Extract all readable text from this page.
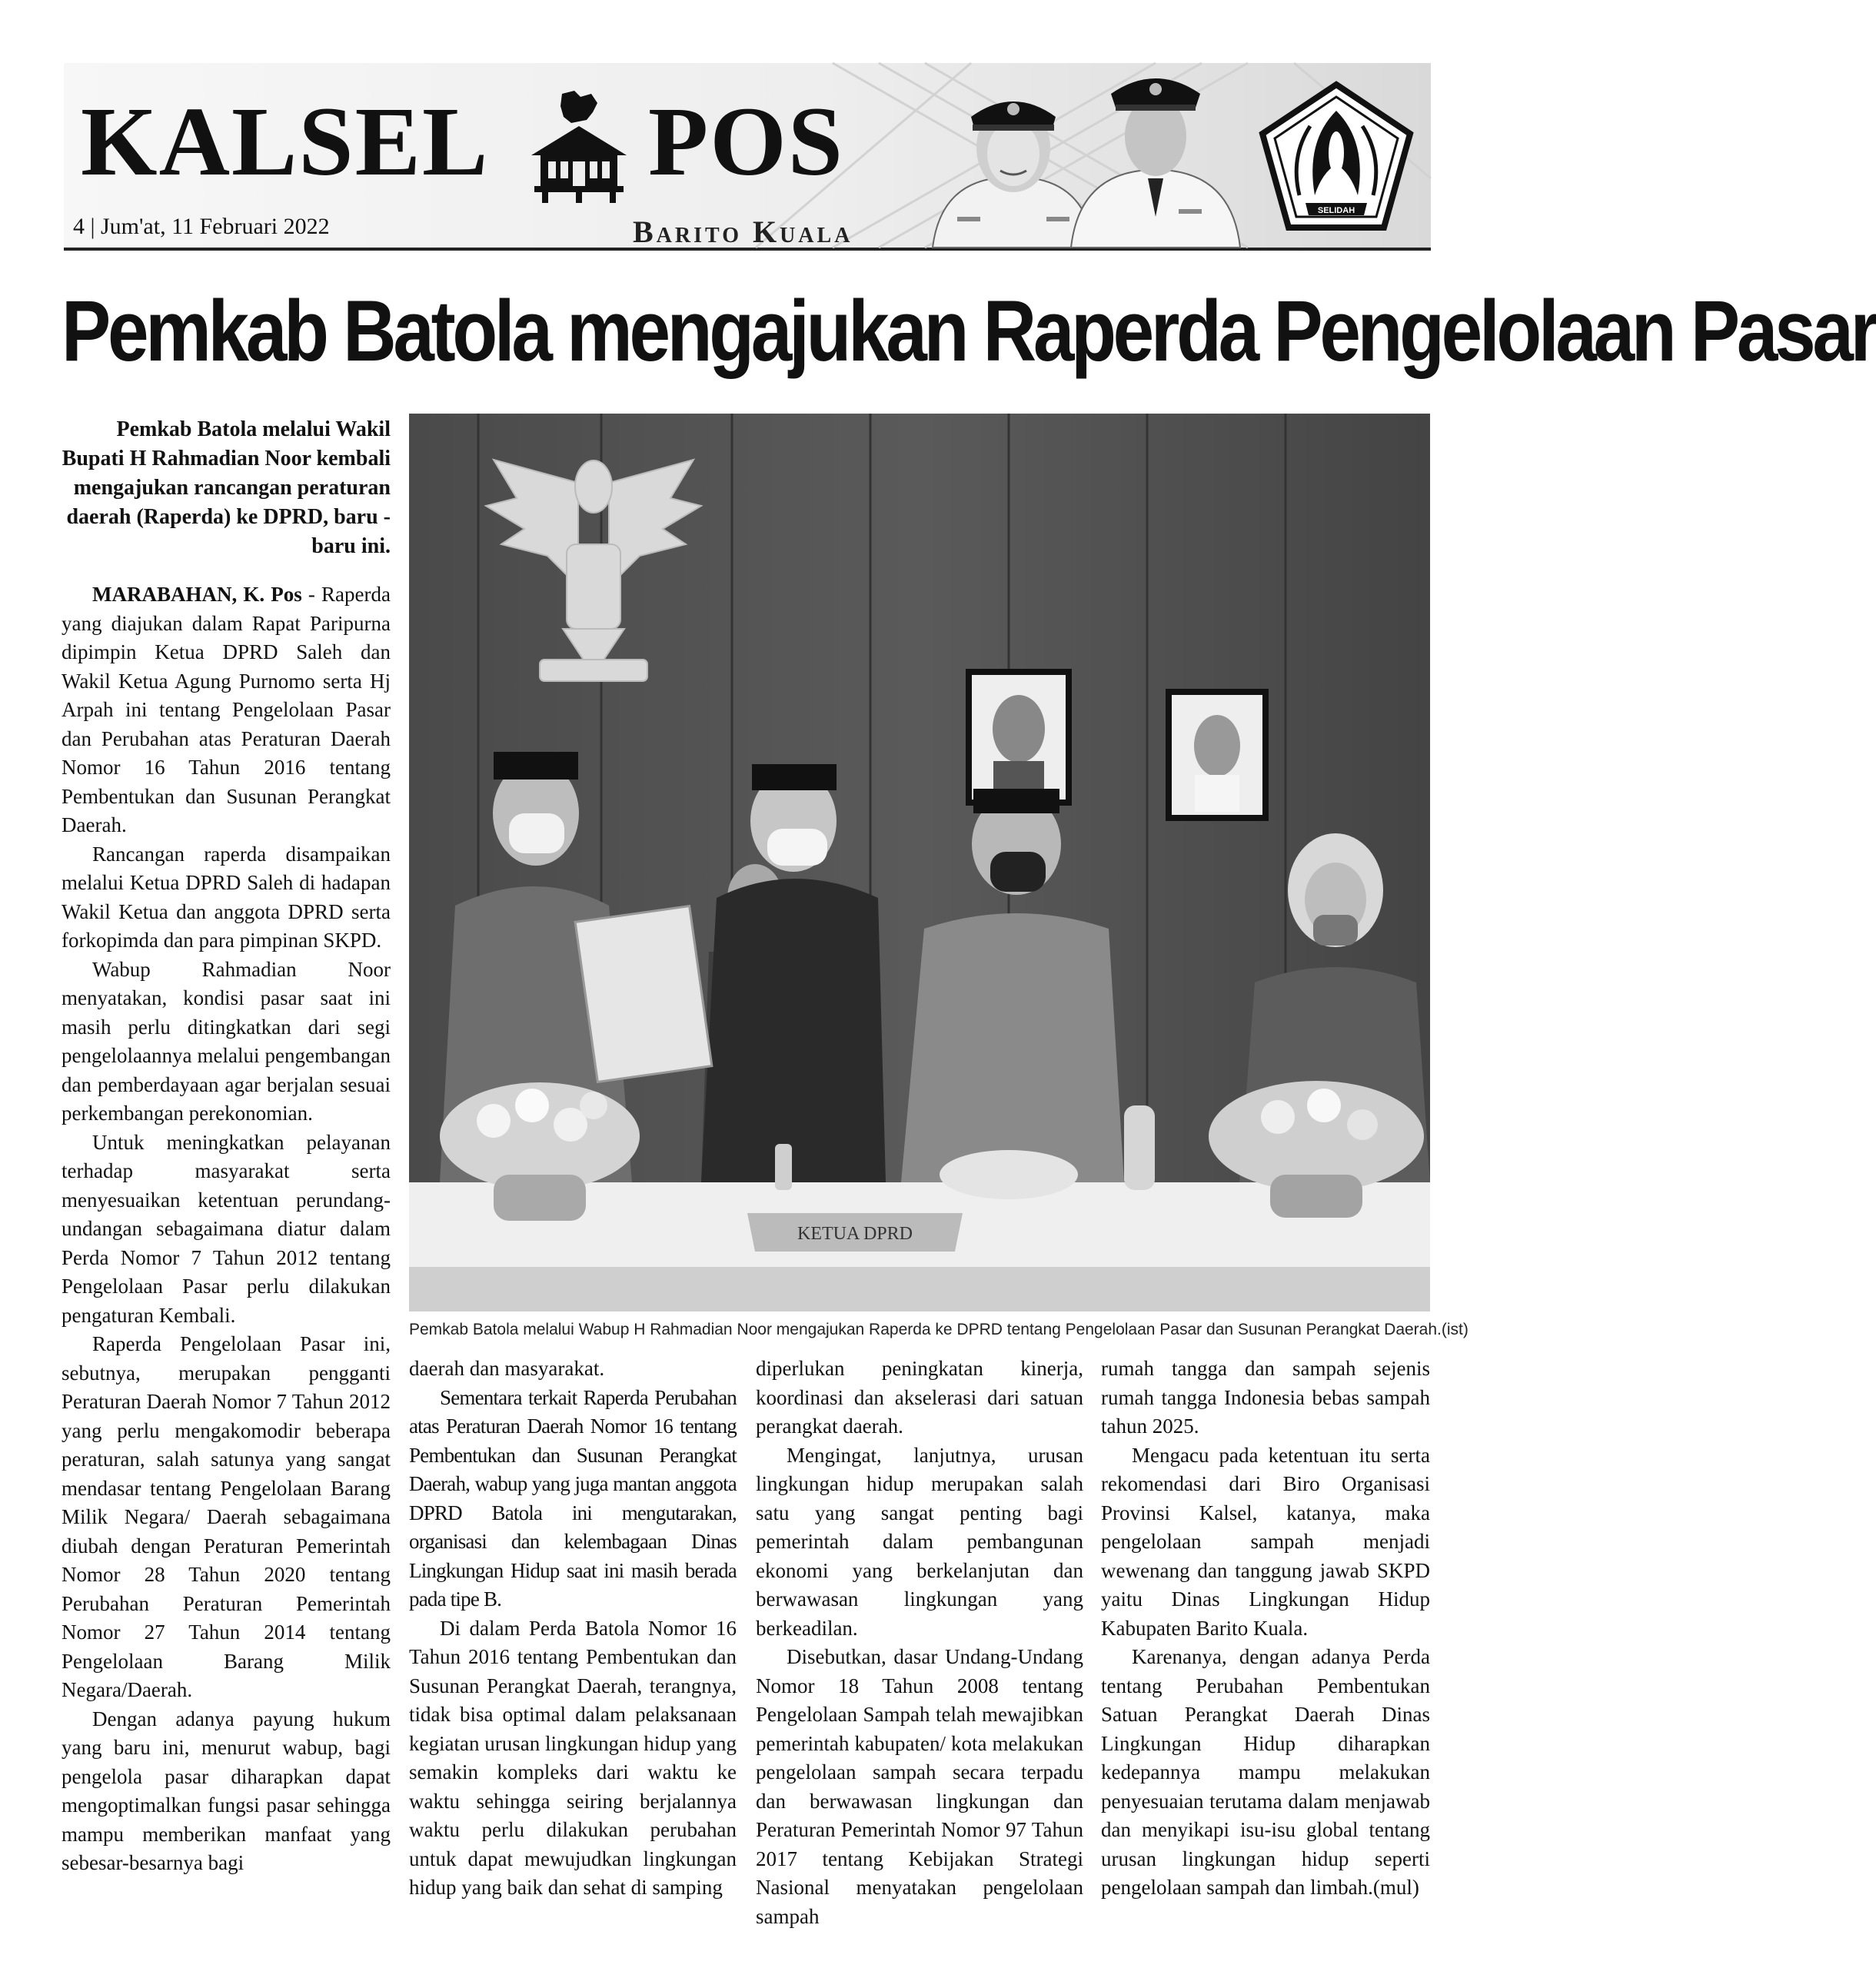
KALSEL POS
4 | Jum'at, 11 Februari 2022	Barito Kuala
SELIDAH
Pemkab Batola mengajukan Raperda Pengelolaan Pasar
Pemkab Batola melalui Wakil Bupati H Rahmadian Noor kembali mengajukan rancangan peraturan daerah (Raperda) ke DPRD, baru - baru ini.
KETUA DPRD
Pemkab Batola melalui Wabup H Rahmadian Noor mengajukan Raperda ke DPRD tentang Pengelolaan Pasar dan Susunan Perangkat Daerah.(ist)

MARABAHAN, K. Pos - Raperda yang diajukan dalam Rapat Paripurna dipimpin Ketua DPRD Saleh dan Wakil Ketua Agung Purnomo serta Hj Arpah ini tentang Pengelolaan Pasar dan Perubahan atas Peraturan Daerah Nomor 16 Tahun 2016 tentang Pembentukan dan Susunan Perangkat Daerah.

Rancangan raperda disampaikan melalui Ketua DPRD Saleh di hadapan Wakil Ketua dan anggota DPRD serta forkopimda dan para pimpinan SKPD.

Wabup Rahmadian Noor menyatakan, kondisi pasar saat ini masih perlu ditingkatkan dari segi pengelolaannya melalui pengembangan dan pemberdayaan agar berjalan sesuai perkembangan perekonomian.

Untuk meningkatkan pelayanan terhadap masyarakat serta menyesuaikan ketentuan perundang-undangan sebagaimana diatur dalam Perda Nomor 7 Tahun 2012 tentang Pengelolaan Pasar perlu dilakukan pengaturan Kembali.

Raperda Pengelolaan Pasar ini, sebutnya, merupakan pengganti Peraturan Daerah Nomor 7 Tahun 2012 yang perlu mengakomodir beberapa peraturan, salah satunya yang sangat mendasar tentang Pengelolaan Barang Milik Negara/ Daerah sebagaimana diubah dengan Peraturan Pemerintah Nomor 28 Tahun 2020 tentang Perubahan Peraturan Pemerintah Nomor 27 Tahun 2014 tentang Pengelolaan Barang Milik Negara/Daerah.

Dengan adanya payung hukum yang baru ini, menurut wabup, bagi pengelola pasar diharapkan dapat mengoptimalkan fungsi pasar sehingga mampu memberikan manfaat yang sebesar-besarnya bagi

daerah dan masyarakat.

Sementara terkait Raperda Perubahan atas Peraturan Daerah Nomor 16 tentang Pembentukan dan Susunan Perangkat Daerah, wabup yang juga mantan anggota DPRD Batola ini mengutarakan, organisasi dan kelembagaan Dinas Lingkungan Hidup saat ini masih berada pada tipe B.

Di dalam Perda Batola Nomor 16 Tahun 2016 tentang Pembentukan dan Susunan Perangkat Daerah, terangnya, tidak bisa optimal dalam pelaksanaan kegiatan urusan lingkungan hidup yang semakin kompleks dari waktu ke waktu sehingga seiring berjalannya waktu perlu dilakukan perubahan untuk dapat mewujudkan lingkungan hidup yang baik dan sehat di samping

diperlukan peningkatan kinerja, koordinasi dan akselerasi dari satuan perangkat daerah.

Mengingat, lanjutnya, urusan lingkungan hidup merupakan salah satu yang sangat penting bagi pemerintah dalam pembangunan ekonomi yang berkelanjutan dan berwawasan lingkungan yang berkeadilan.

Disebutkan, dasar Undang-Undang Nomor 18 Tahun 2008 tentang Pengelolaan Sampah telah mewajibkan pemerintah kabupaten/ kota melakukan pengelolaan sampah secara terpadu dan berwawasan lingkungan dan Peraturan Pemerintah Nomor 97 Tahun 2017 tentang Kebijakan Strategi Nasional menyatakan pengelolaan sampah

rumah tangga dan sampah sejenis rumah tangga Indonesia bebas sampah tahun 2025.

Mengacu pada ketentuan itu serta rekomendasi dari Biro Organisasi Provinsi Kalsel, katanya, maka pengelolaan sampah menjadi wewenang dan tanggung jawab SKPD yaitu Dinas Lingkungan Hidup Kabupaten Barito Kuala.

Karenanya, dengan adanya Perda tentang Perubahan Pembentukan Satuan Perangkat Daerah Dinas Lingkungan Hidup diharapkan kedepannya mampu melakukan penyesuaian terutama dalam menjawab dan menyikapi isu-isu global tentang urusan lingkungan hidup seperti pengelolaan sampah dan limbah.(mul)
